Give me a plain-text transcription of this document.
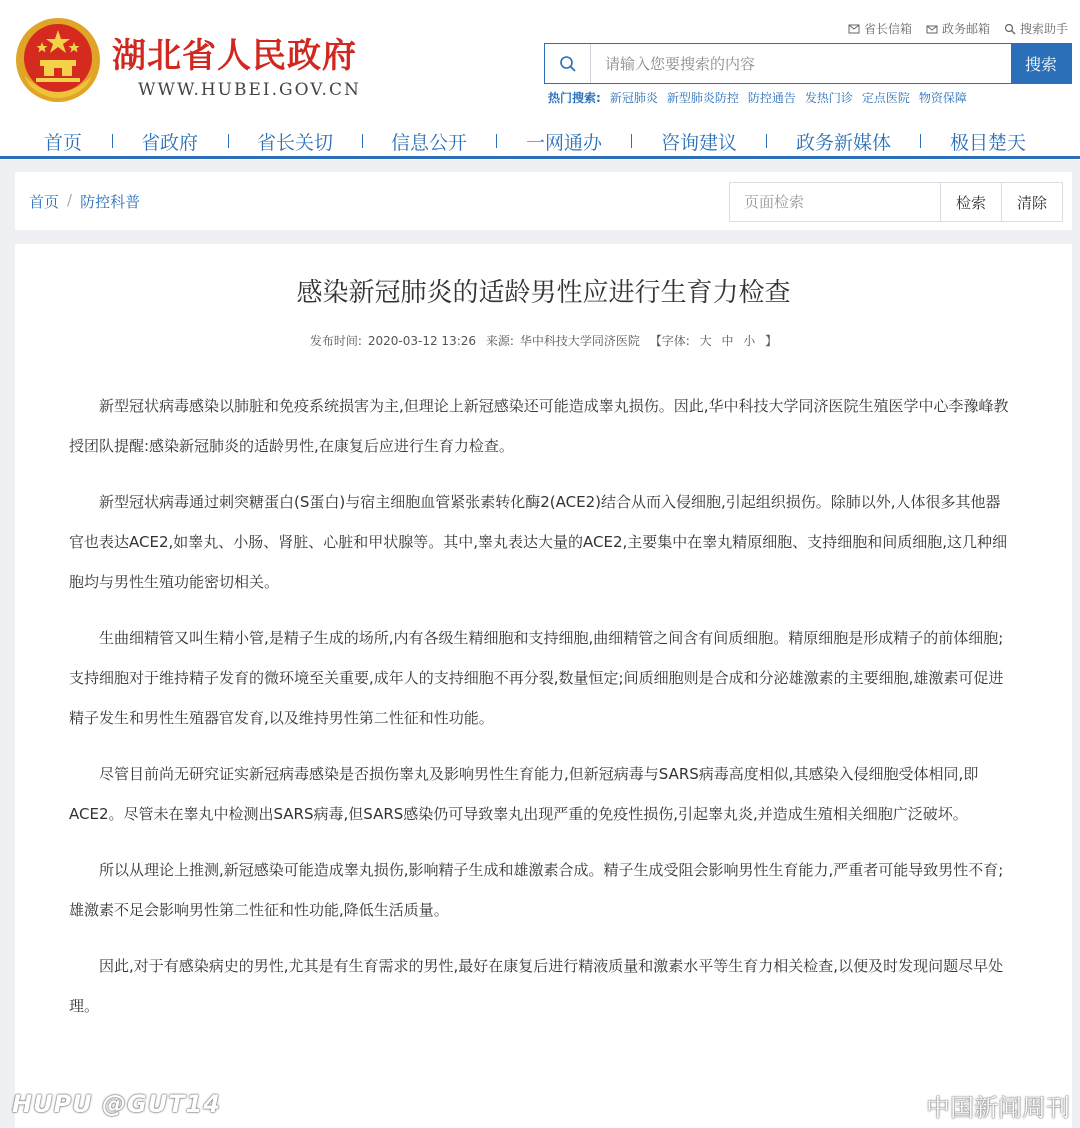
湖北省人民政府
WWW.HUBEI.GOV.CN
省长信箱	政务邮箱	搜索助手
请输入您要搜索的内容
搜索
热门搜索: 新冠肺炎 新型肺炎防控 防控通告 发热门诊 定点医院 物资保障
首页	省政府	省长关切	信息公开	一网通办	咨询建议	政务新媒体	极目楚天
首页 / 防控科普
页面检索	检索	清除
感染新冠肺炎的适龄男性应进行生育力检查
发布时间: 2020-03-12 13:26 来源: 华中科技大学同济医院 【字体: 大 中 小 】

新型冠状病毒感染以肺脏和免疫系统损害为主,但理论上新冠感染还可能造成睾丸损伤。因此,华中科技大学同济医院生殖医学中心李豫峰教授团队提醒:感染新冠肺炎的适龄男性,在康复后应进行生育力检查。

新型冠状病毒通过刺突糖蛋白(S蛋白)与宿主细胞血管紧张素转化酶2(ACE2)结合从而入侵细胞,引起组织损伤。除肺以外,人体很多其他器官也表达ACE2,如睾丸、小肠、肾脏、心脏和甲状腺等。其中,睾丸表达大量的ACE2,主要集中在睾丸精原细胞、支持细胞和间质细胞,这几种细胞均与男性生殖功能密切相关。

生曲细精管又叫生精小管,是精子生成的场所,内有各级生精细胞和支持细胞,曲细精管之间含有间质细胞。精原细胞是形成精子的前体细胞;支持细胞对于维持精子发育的微环境至关重要,成年人的支持细胞不再分裂,数量恒定;间质细胞则是合成和分泌雄激素的主要细胞,雄激素可促进精子发生和男性生殖器官发育,以及维持男性第二性征和性功能。

尽管目前尚无研究证实新冠病毒感染是否损伤睾丸及影响男性生育能力,但新冠病毒与SARS病毒高度相似,其感染入侵细胞受体相同,即ACE2。尽管未在睾丸中检测出SARS病毒,但SARS感染仍可导致睾丸出现严重的免疫性损伤,引起睾丸炎,并造成生殖相关细胞广泛破坏。

所以从理论上推测,新冠感染可能造成睾丸损伤,影响精子生成和雄激素合成。精子生成受阻会影响男性生育能力,严重者可能导致男性不育;雄激素不足会影响男性第二性征和性功能,降低生活质量。

因此,对于有感染病史的男性,尤其是有生育需求的男性,最好在康复后进行精液质量和激素水平等生育力相关检查,以便及时发现问题尽早处理。

HUPU @GUT14	中国新闻周刊
